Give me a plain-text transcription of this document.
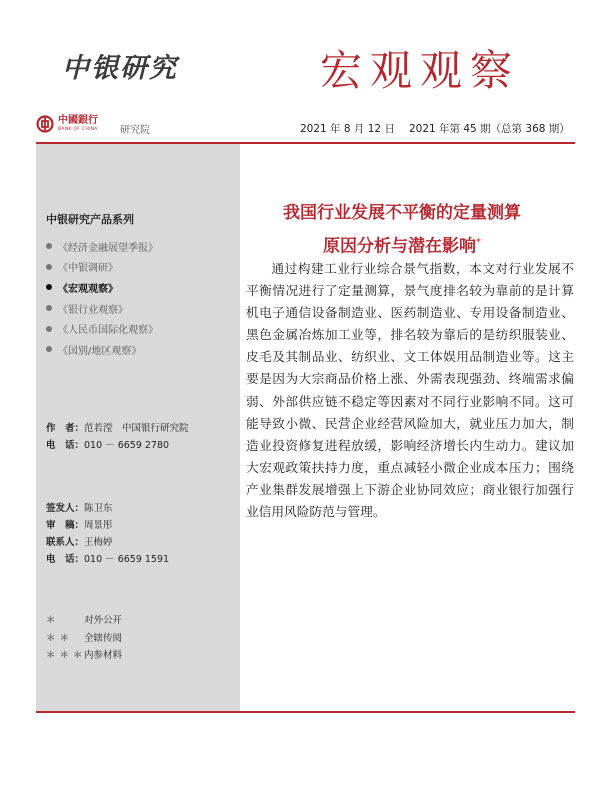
中银研究	宏观观察
中國銀行
BANK OF CHINA 研究院	2021 年 8 月 12 日 2021 年第 45 期（总第 368 期）
中银研究产品系列
《经济金融展望季报》
《中银调研》
《宏观观察》
《银行业观察》
《人民币国际化观察》
《国别/地区观察》
作　者：范若滢　中国银行研究院
电　话：010 － 6659 2780
签发人：陈卫东
审　稿：周景彤
联系人：王梅婷
电　话：010 － 6659 1591
＊	对外公开
＊＊ 全辖传阅
＊＊＊内参材料
我国行业发展不平衡的定量测算
原因分析与潜在影响*

通过构建工业行业综合景气指数，本文对行业发展不平衡情况进行了定量测算，景气度排名较为靠前的是计算机电子通信设备制造业、医药制造业、专用设备制造业、黑色金属冶炼加工业等，排名较为靠后的是纺织服装业、皮毛及其制品业、纺织业、文工体娱用品制造业等。这主要是因为大宗商品价格上涨、外需表现强劲、终端需求偏弱、外部供应链不稳定等因素对不同行业影响不同。这可能导致小微、民营企业经营风险加大，就业压力加大，制造业投资修复进程放缓，影响经济增长内生动力。建议加大宏观政策扶持力度，重点减轻小微企业成本压力；围绕产业集群发展增强上下游企业协同效应；商业银行加强行业信用风险防范与管理。
